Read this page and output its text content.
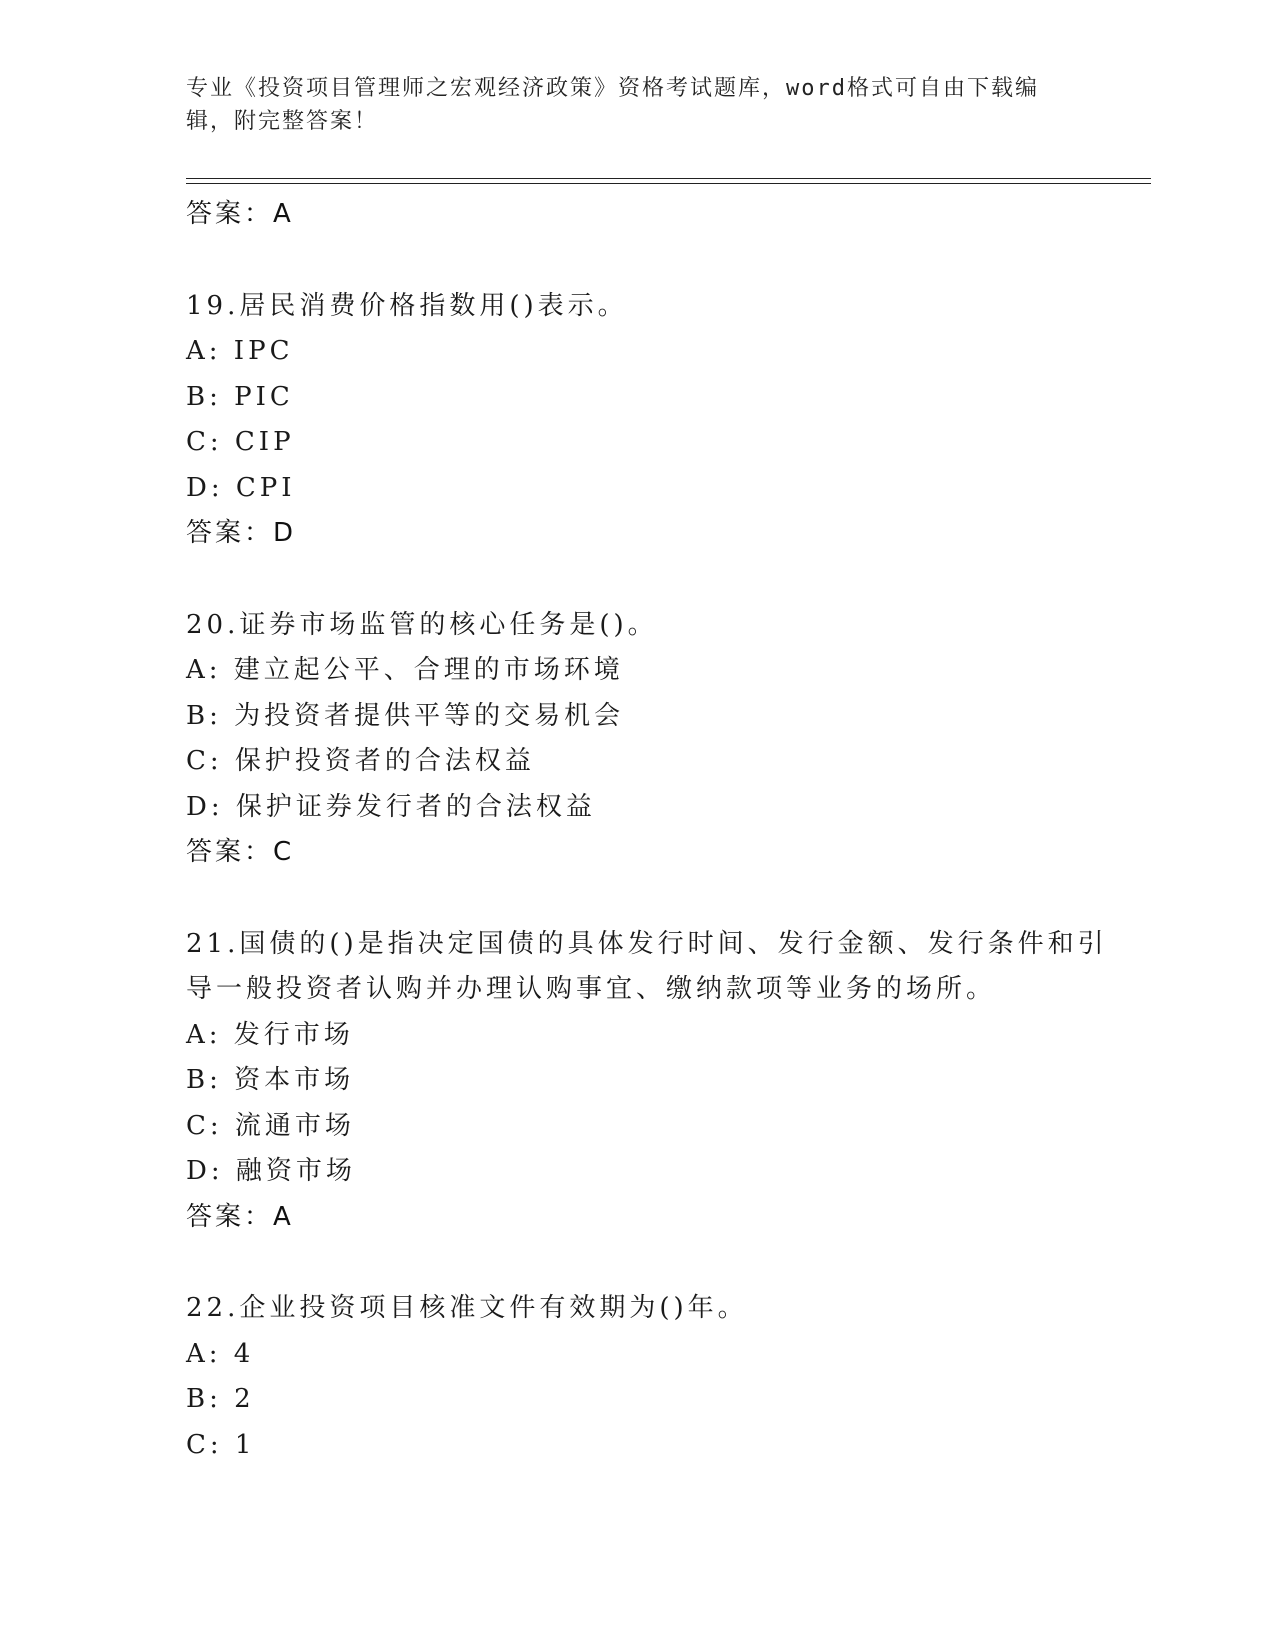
专业《投资项目管理师之宏观经济政策》资格考试题库，word格式可自由下载编
辑，附完整答案！
答案：A
19.居民消费价格指数用()表示。
A: IPC
B: PIC
C: CIP
D: CPI
答案：D
20.证券市场监管的核心任务是()。
A: 建立起公平、合理的市场环境
B: 为投资者提供平等的交易机会
C: 保护投资者的合法权益
D: 保护证券发行者的合法权益
答案：C
21.国债的()是指决定国债的具体发行时间、发行金额、发行条件和引
导一般投资者认购并办理认购事宜、缴纳款项等业务的场所。
A: 发行市场
B: 资本市场
C: 流通市场
D: 融资市场
答案：A
22.企业投资项目核准文件有效期为()年。
A: 4
B: 2
C: 1
